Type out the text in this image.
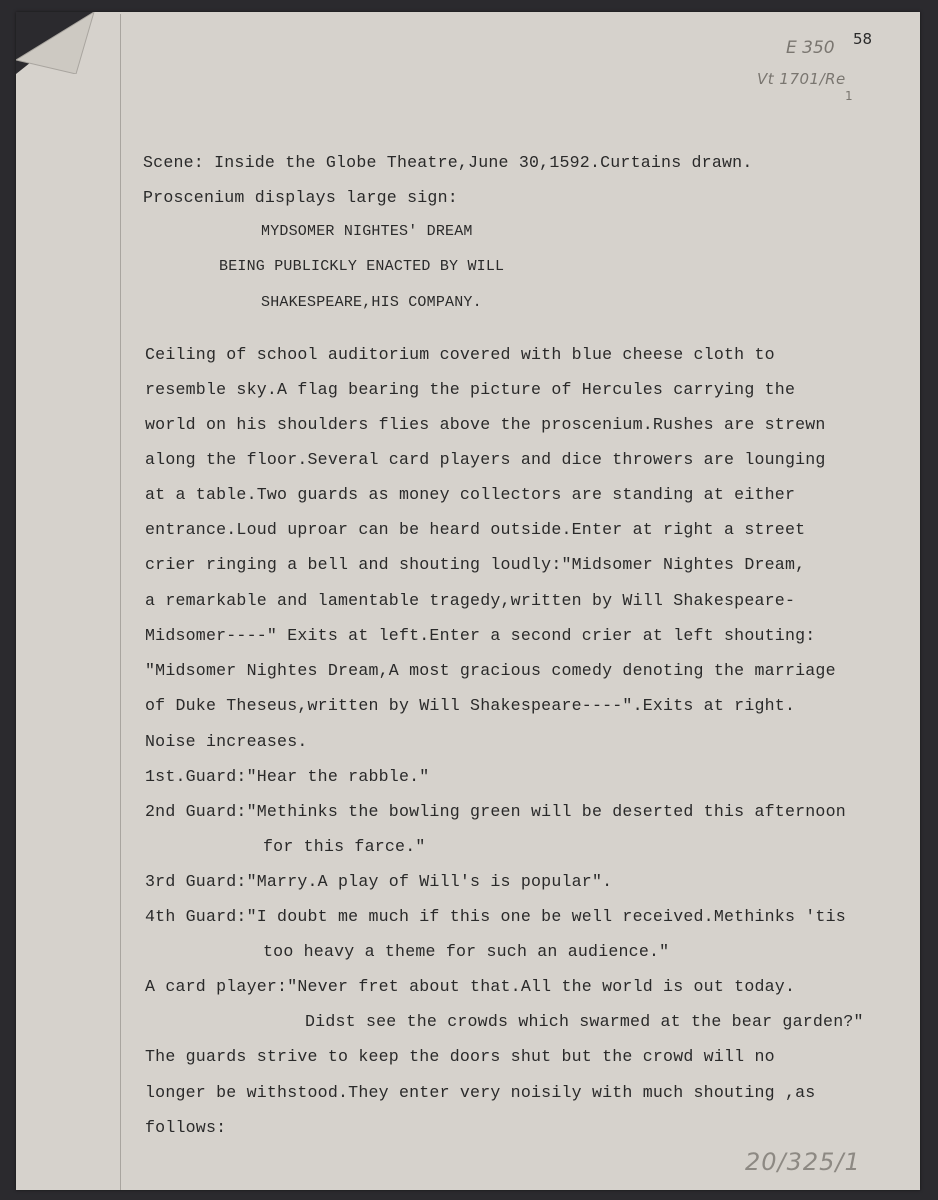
58
E 350
Vt 1701/Re
1
Scene: Inside the Globe Theatre,June 30,1592.Curtains drawn.
Proscenium displays large sign:
MYDSOMER NIGHTES' DREAM
BEING PUBLICKLY ENACTED BY WILL
SHAKESPEARE,HIS COMPANY.
Ceiling of school auditorium covered with blue cheese cloth to
resemble sky.A flag bearing the picture of Hercules carrying the
world on his shoulders flies above the proscenium.Rushes are strewn
along the floor.Several card players and dice throwers are lounging
at a table.Two guards as money collectors are standing at either
entrance.Loud uproar can be heard outside.Enter at right a street
crier ringing a bell and shouting loudly:"Midsomer Nightes Dream,
a remarkable and lamentable tragedy,written by Will Shakespeare-
Midsomer----" Exits at left.Enter a second crier at left shouting:
"Midsomer Nightes Dream,A most gracious comedy denoting the marriage
of Duke Theseus,written by Will Shakespeare----".Exits at right.
Noise increases.
1st.Guard:"Hear the rabble."
2nd Guard:"Methinks the bowling green will be deserted this afternoon
for this farce."
3rd Guard:"Marry.A play of Will's is popular".
4th Guard:"I doubt me much if this one be well received.Methinks 'tis
too heavy a theme for such an audience."
A card player:"Never fret about that.All the world is out today.
Didst see the crowds which swarmed at the bear garden?"
The guards strive to keep the doors shut but the crowd will no
longer be withstood.They enter very noisily with much shouting ,as
follows:
20/325/1
